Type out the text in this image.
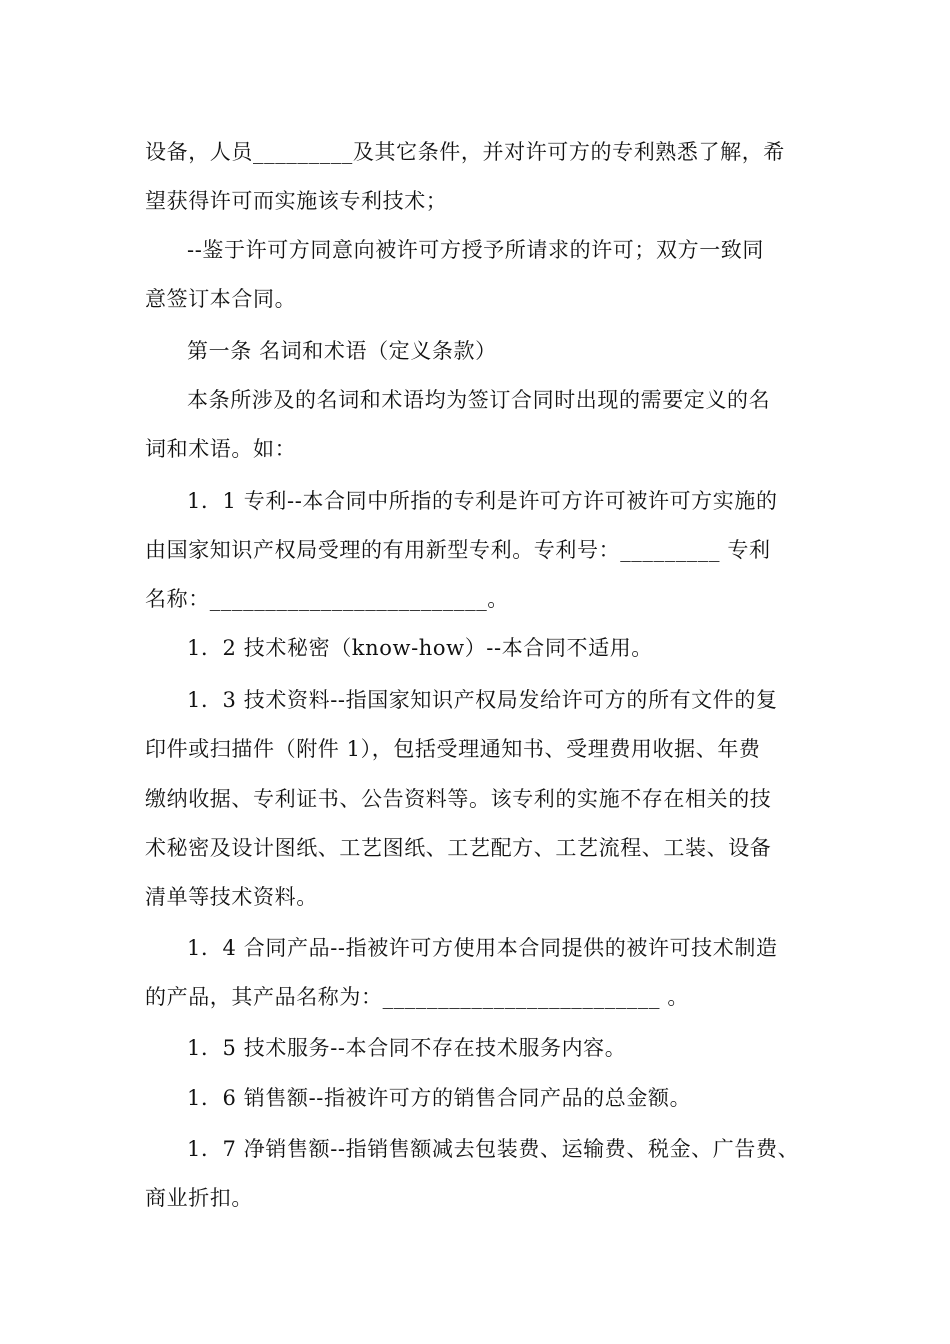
设备，人员_________及其它条件，并对许可方的专利熟悉了解，希
望获得许可而实施该专利技术；
--鉴于许可方同意向被许可方授予所请求的许可；双方一致同
意签订本合同。
第一条 名词和术语（定义条款）
本条所涉及的名词和术语均为签订合同时出现的需要定义的名
词和术语。如：
1．1 专利--本合同中所指的专利是许可方许可被许可方实施的
由国家知识产权局受理的有用新型专利。专利号：_________ 专利
名称：_________________________。
1．2 技术秘密（know-how）--本合同不适用。
1．3 技术资料--指国家知识产权局发给许可方的所有文件的复
印件或扫描件（附件 1），包括受理通知书、受理费用收据、年费
缴纳收据、专利证书、公告资料等。该专利的实施不存在相关的技
术秘密及设计图纸、工艺图纸、工艺配方、工艺流程、工装、设备
清单等技术资料。
1．4 合同产品--指被许可方使用本合同提供的被许可技术制造
的产品，其产品名称为：_________________________ 。
1．5 技术服务--本合同不存在技术服务内容。
1．6 销售额--指被许可方的销售合同产品的总金额。
1．7 净销售额--指销售额减去包装费、运输费、税金、广告费、
商业折扣。
